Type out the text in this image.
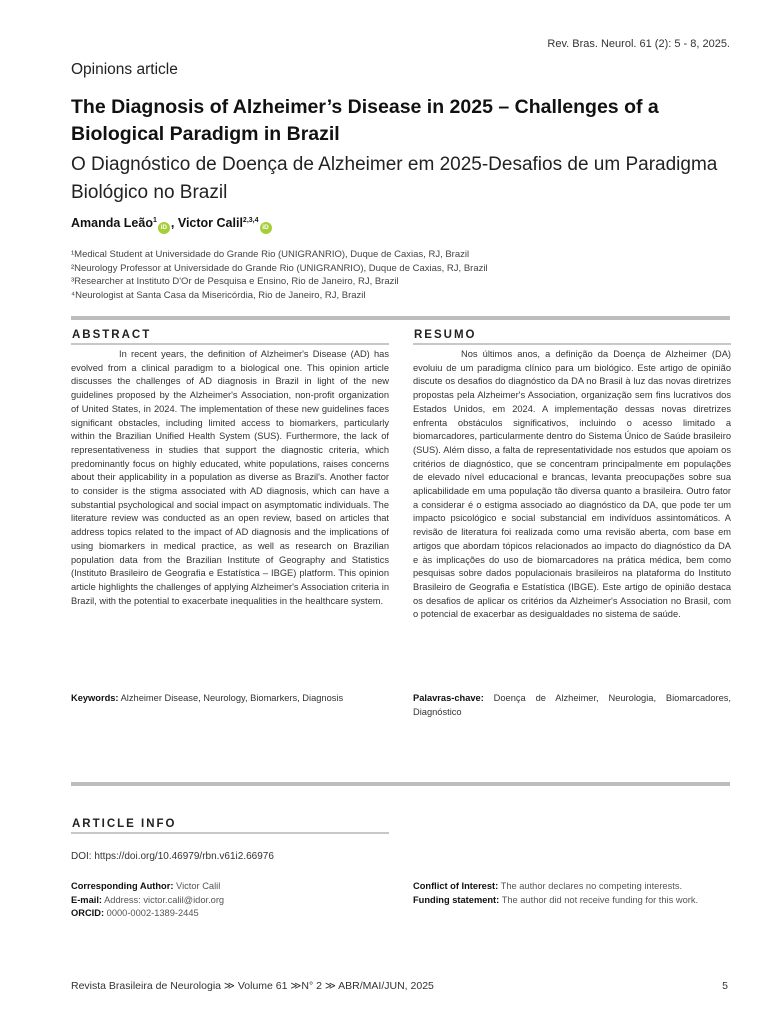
Rev. Bras. Neurol. 61 (2): 5 - 8, 2025.
Opinions article
The Diagnosis of Alzheimer’s Disease in 2025 – Challenges of a Biological Paradigm in Brazil
O Diagnóstico de Doença de Alzheimer em 2025-Desafios de um Paradigma Biológico no Brazil
Amanda Leão$^1$iD , Victor Calil$^{2,3,4}$iD
¹Medical Student at Universidade do Grande Rio (UNIGRANRIO), Duque de Caxias, RJ, Brazil
²Neurology Professor at Universidade do Grande Rio (UNIGRANRIO), Duque de Caxias, RJ, Brazil
³Researcher at Instituto D'Or de Pesquisa e Ensino, Rio de Janeiro, RJ, Brazil
⁴Neurologist at Santa Casa da Misericórdia, Rio de Janeiro, RJ, Brazil
ABSTRACT

In recent years, the definition of Alzheimer's Disease (AD) has evolved from a clinical paradigm to a biological one. This opinion article discusses the challenges of AD diagnosis in Brazil in light of the new guidelines proposed by the Alzheimer's Association, non-profit organization of United States, in 2024. The implementation of these new guidelines faces significant obstacles, including limited access to biomarkers, particularly within the Brazilian Unified Health System (SUS). Furthermore, the lack of representativeness in studies that support the diagnostic criteria, which predominantly focus on highly educated, white populations, raises concerns about their applicability in a population as diverse as Brazil's. Another factor to consider is the stigma associated with AD diagnosis, which can have a substantial psychological and social impact on asymptomatic individuals. The literature review was conducted as an open review, based on articles that address topics related to the impact of AD diagnosis and the implications of using biomarkers in medical practice, as well as research on Brazilian population data from the Brazilian Institute of Geography and Statistics (Instituto Brasileiro de Geografia e Estatística – IBGE) platform. This opinion article highlights the challenges of applying Alzheimer's Association criteria in Brazil, with the potential to exacerbate inequalities in the healthcare system.

RESUMO

Nos últimos anos, a definição da Doença de Alzheimer (DA) evoluiu de um paradigma clínico para um biológico. Este artigo de opinião discute os desafios do diagnóstico da DA no Brasil à luz das novas diretrizes propostas pela Alzheimer's Association, organização sem fins lucrativos dos Estados Unidos, em 2024. A implementação dessas novas diretrizes enfrenta obstáculos significativos, incluindo o acesso limitado a biomarcadores, particularmente dentro do Sistema Único de Saúde brasileiro (SUS). Além disso, a falta de representatividade nos estudos que apoiam os critérios de diagnóstico, que se concentram principalmente em populações de elevado nível educacional e brancas, levanta preocupações sobre sua aplicabilidade em uma população tão diversa quanto a brasileira. Outro fator a considerar é o estigma associado ao diagnóstico da DA, que pode ter um impacto psicológico e social substancial em indivíduos assintomáticos. A revisão de literatura foi realizada como uma revisão aberta, com base em artigos que abordam tópicos relacionados ao impacto do diagnóstico da DA e às implicações do uso de biomarcadores na prática médica, bem como pesquisas sobre dados populacionais brasileiros na plataforma do Instituto Brasileiro de Geografia e Estatística (IBGE). Este artigo de opinião destaca os desafios de aplicar os critérios da Alzheimer's Association no Brasil, com o potencial de exacerbar as desigualdades no sistema de saúde.

Keywords: Alzheimer Disease, Neurology, Biomarkers, Diagnosis	Palavras-chave: Doença de Alzheimer, Neurologia, Biomarcadores, Diagnóstico
ARTICLE INFO
DOI: https://doi.org/10.46979/rbn.v61i2.66976
Corresponding Author: Victor Calil
E-mail: Address: victor.calil@idor.org
ORCID: 0000-0002-1389-2445
Conflict of Interest: The author declares no competing interests.
Funding statement: The author did not receive funding for this work.
Revista Brasileira de Neurologia ≫ Volume 61 ≫N° 2 ≫ ABR/MAI/JUN, 2025	5
